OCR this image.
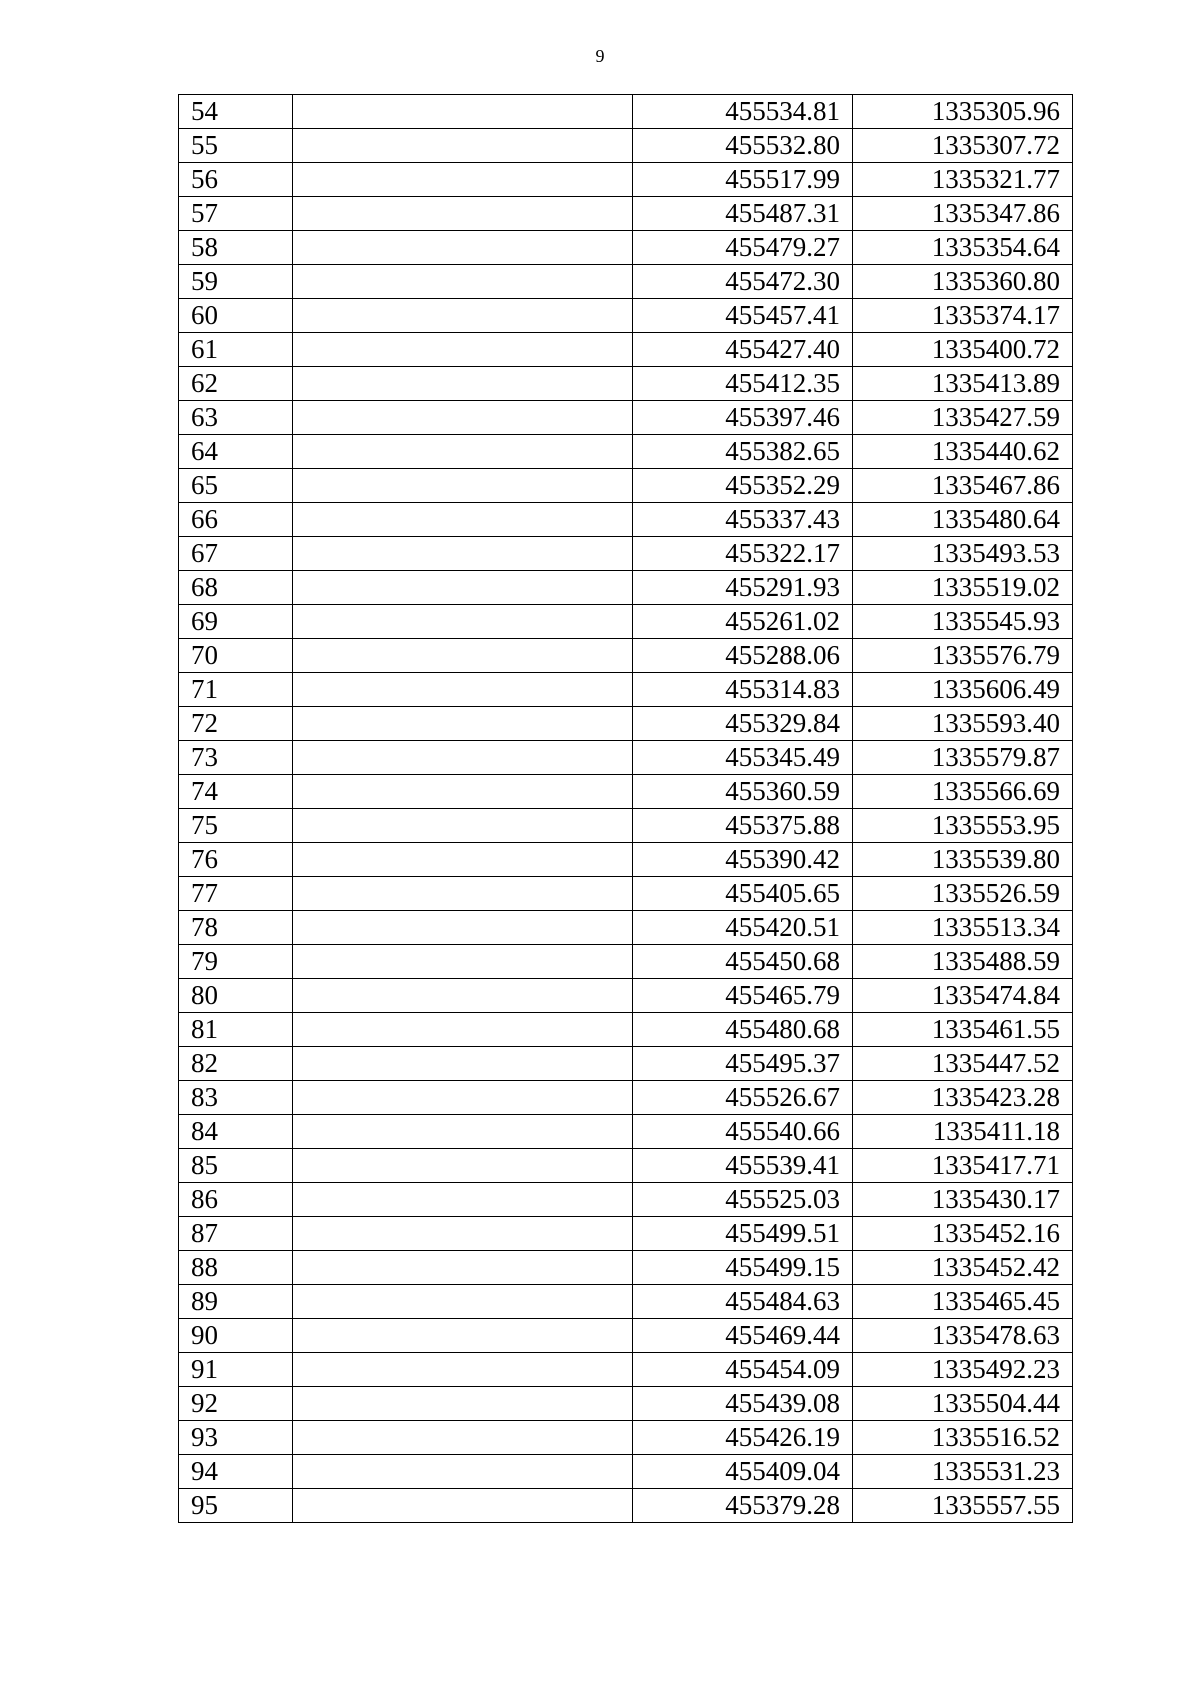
9
54		455534.81	1335305.96
55		455532.80	1335307.72
56		455517.99	1335321.77
57		455487.31	1335347.86
58		455479.27	1335354.64
59		455472.30	1335360.80
60		455457.41	1335374.17
61		455427.40	1335400.72
62		455412.35	1335413.89
63		455397.46	1335427.59
64		455382.65	1335440.62
65		455352.29	1335467.86
66		455337.43	1335480.64
67		455322.17	1335493.53
68		455291.93	1335519.02
69		455261.02	1335545.93
70		455288.06	1335576.79
71		455314.83	1335606.49
72		455329.84	1335593.40
73		455345.49	1335579.87
74		455360.59	1335566.69
75		455375.88	1335553.95
76		455390.42	1335539.80
77		455405.65	1335526.59
78		455420.51	1335513.34
79		455450.68	1335488.59
80		455465.79	1335474.84
81		455480.68	1335461.55
82		455495.37	1335447.52
83		455526.67	1335423.28
84		455540.66	1335411.18
85		455539.41	1335417.71
86		455525.03	1335430.17
87		455499.51	1335452.16
88		455499.15	1335452.42
89		455484.63	1335465.45
90		455469.44	1335478.63
91		455454.09	1335492.23
92		455439.08	1335504.44
93		455426.19	1335516.52
94		455409.04	1335531.23
95		455379.28	1335557.55
